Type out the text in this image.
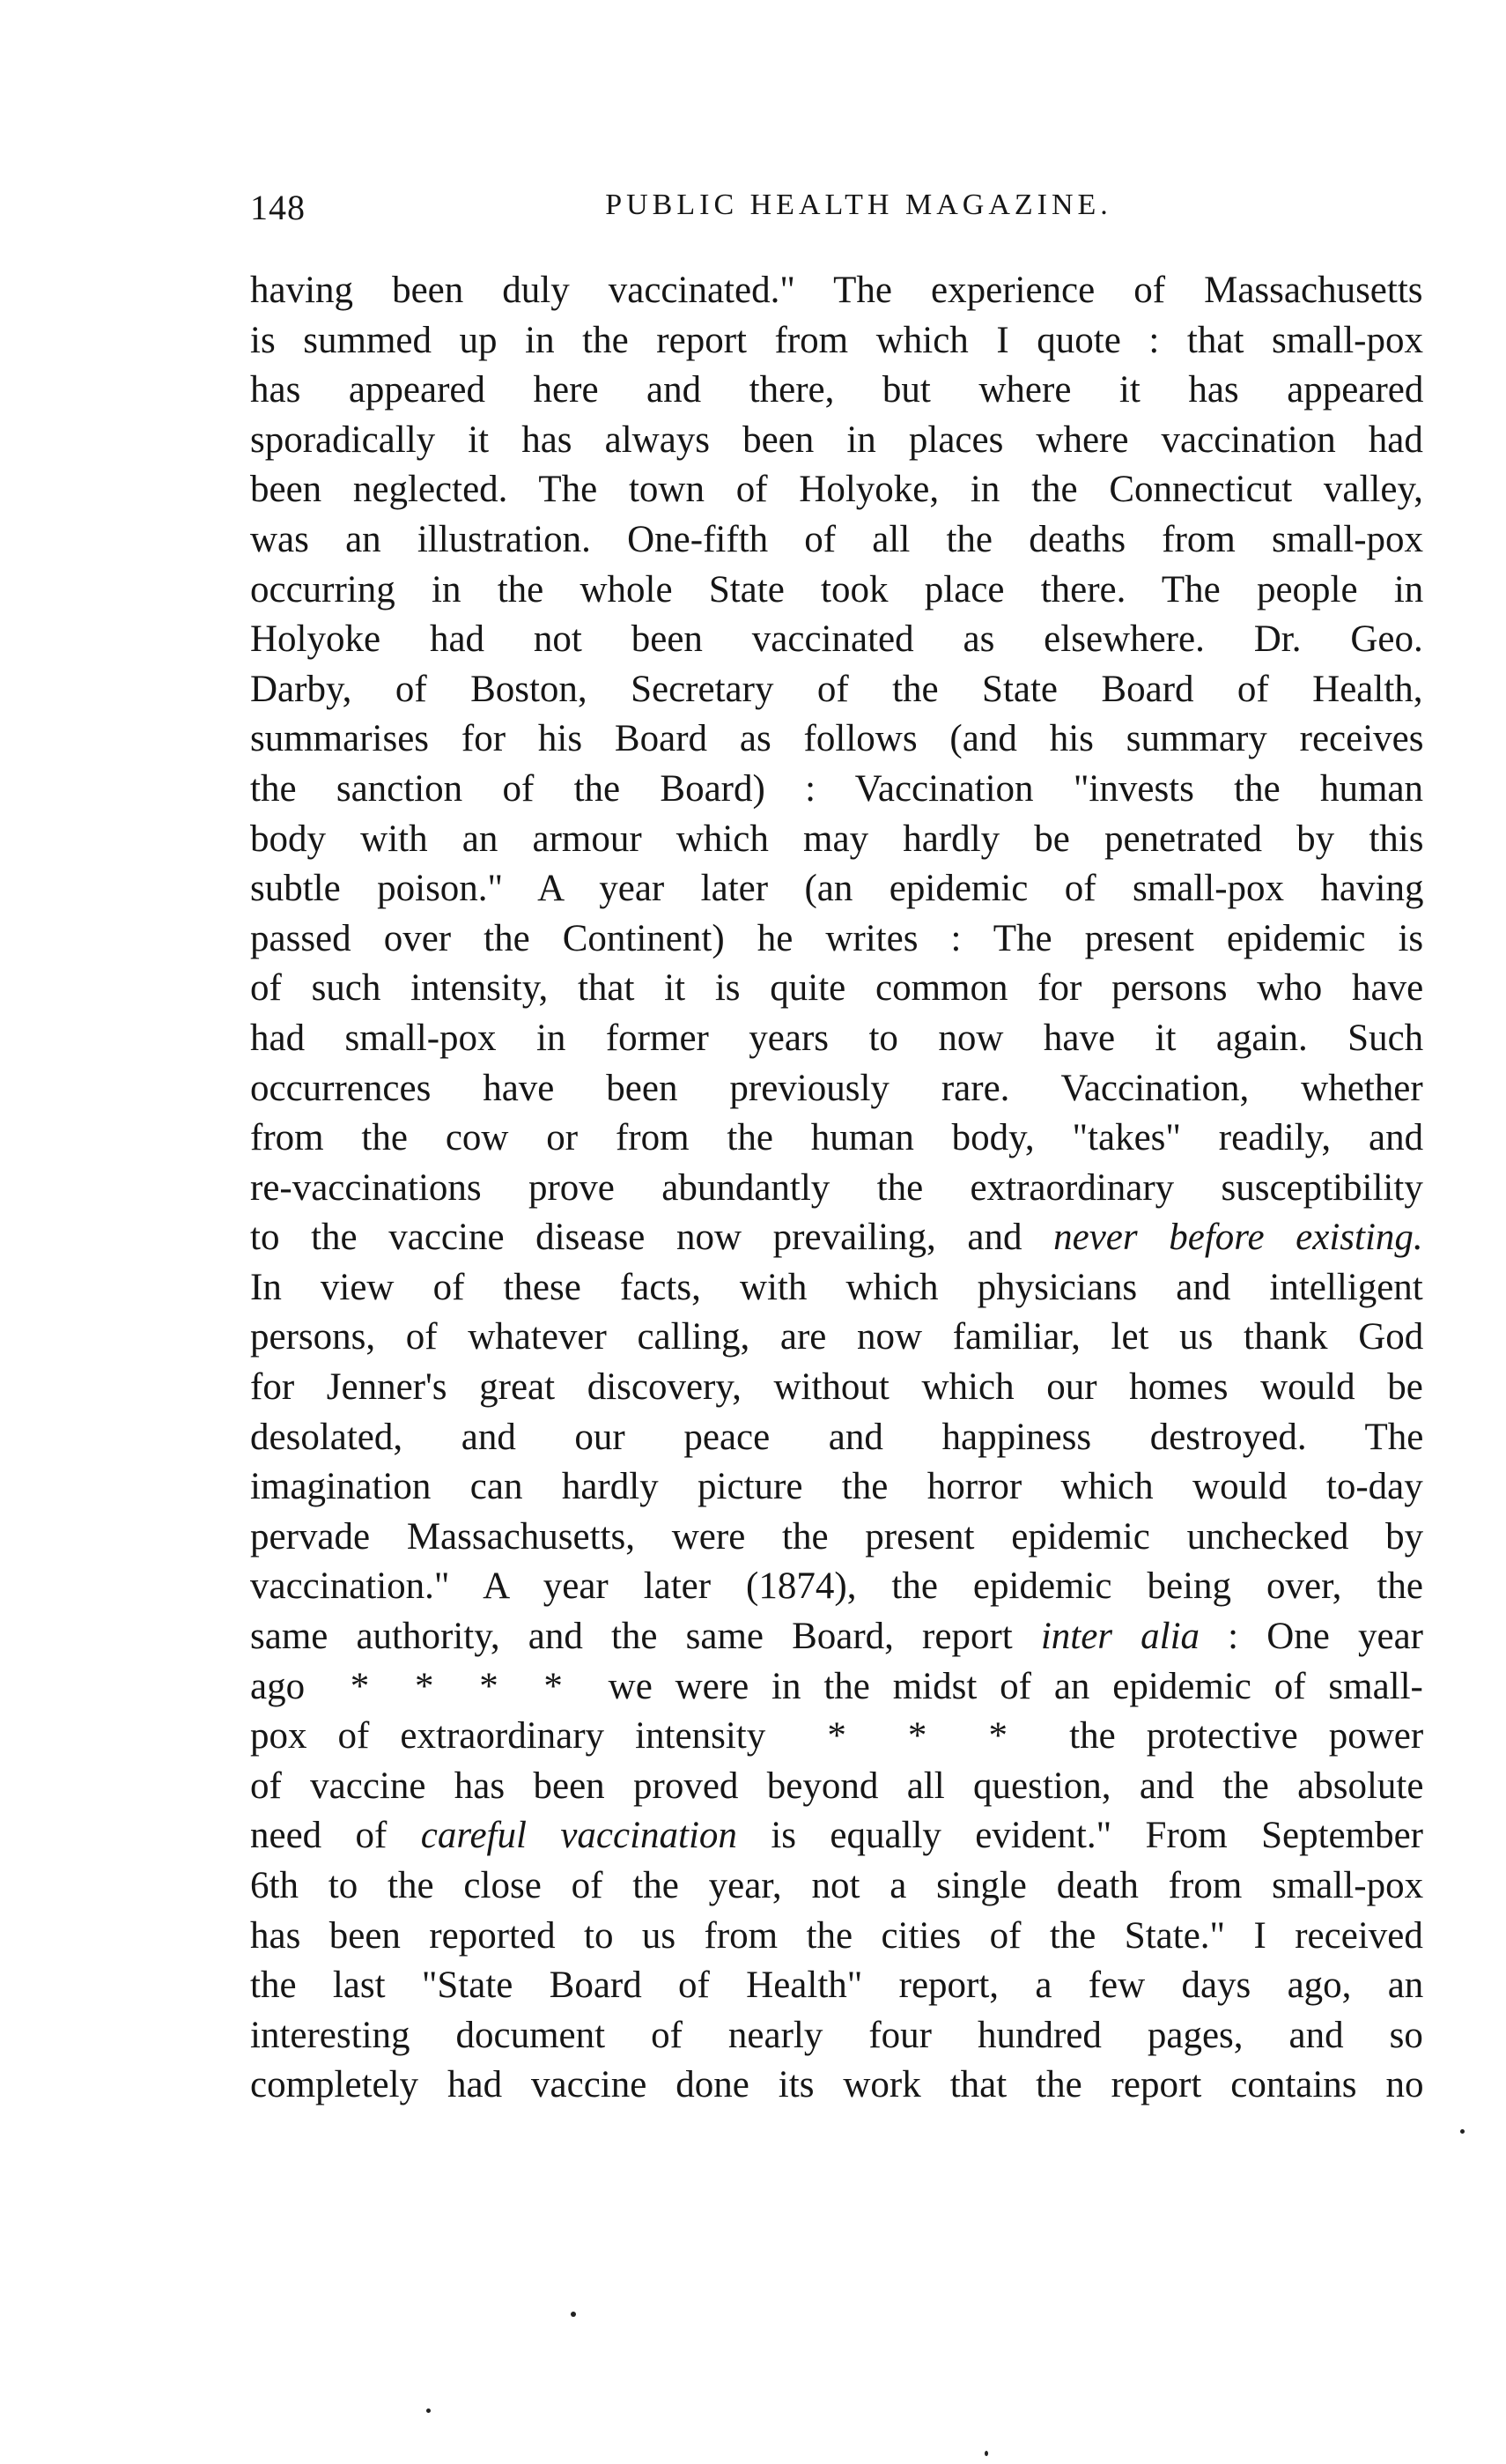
148	PUBLIC HEALTH MAGAZINE.
having been duly vaccinated." The experience of Massachusetts
is summed up in the report from which I quote : that small-pox
has appeared here and there, but where it has appeared
sporadically it has always been in places where vaccination had
been neglected. The town of Holyoke, in the Connecticut valley,
was an illustration. One-fifth of all the deaths from small-pox
occurring in the whole State took place there. The people in
Holyoke had not been vaccinated as elsewhere. Dr. Geo.
Darby, of Boston, Secretary of the State Board of Health,
summarises for his Board as follows (and his summary receives
the sanction of the Board) : Vaccination "invests the human
body with an armour which may hardly be penetrated by this
subtle poison." A year later (an epidemic of small-pox having
passed over the Continent) he writes : The present epidemic is
of such intensity, that it is quite common for persons who have
had small-pox in former years to now have it again. Such
occurrences have been previously rare. Vaccination, whether
from the cow or from the human body, "takes" readily, and
re-vaccinations prove abundantly the extraordinary susceptibility
to the vaccine disease now prevailing, and never before existing.
In view of these facts, with which physicians and intelligent
persons, of whatever calling, are now familiar, let us thank God
for Jenner's great discovery, without which our homes would be
desolated, and our peace and happiness destroyed. The
imagination can hardly picture the horror which would to-day
pervade Massachusetts, were the present epidemic unchecked by
vaccination." A year later (1874), the epidemic being over, the
same authority, and the same Board, report inter alia : One year
ago  *  *  *  *  we were in the midst of an epidemic of small-
pox of extraordinary intensity  *  *  *  the protective power
of vaccine has been proved beyond all question, and the absolute
need of careful vaccination is equally evident." From September
6th to the close of the year, not a single death from small-pox
has been reported to us from the cities of the State." I received
the last "State Board of Health" report, a few days ago, an
interesting document of nearly four hundred pages, and so
completely had vaccine done its work that the report contains no
